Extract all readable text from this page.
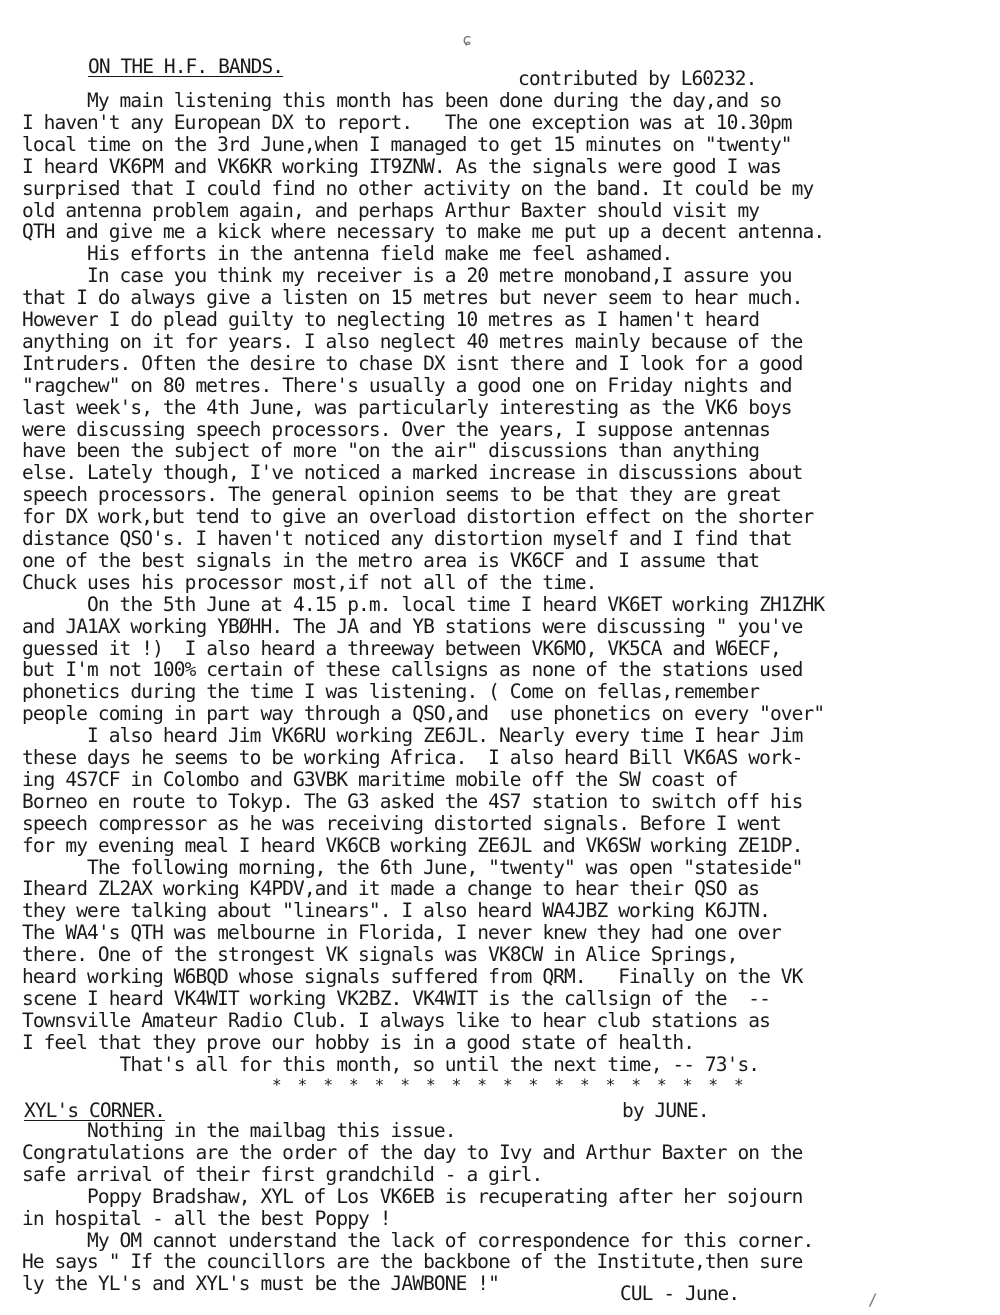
ON THE H.F. BANDS.
contributed by L60232.
My main listening this month has been done during the day,and so
I haven't any European DX to report.   The one exception was at 10.30pm
local time on the 3rd June,when I managed to get 15 minutes on "twenty"
I heard VK6PM and VK6KR working IT9ZNW. As the signals were good I was
surprised that I could find no other activity on the band. It could be my
old antenna problem again, and perhaps Arthur Baxter should visit my
QTH and give me a kick where necessary to make me put up a decent antenna.
His efforts in the antenna field make me feel ashamed.
In case you think my receiver is a 20 metre monoband,I assure you
that I do always give a listen on 15 metres but never seem to hear much.
However I do plead guilty to neglecting 10 metres as I hamen't heard
anything on it for years. I also neglect 40 metres mainly because of the
Intruders. Often the desire to chase DX isnt there and I look for a good
"ragchew" on 80 metres. There's usually a good one on Friday nights and
last week's, the 4th June, was particularly interesting as the VK6 boys
were discussing speech processors. Over the years, I suppose antennas
have been the subject of more "on the air" discussions than anything
else. Lately though, I've noticed a marked increase in discussions about
speech processors. The general opinion seems to be that they are great
for DX work,but tend to give an overload distortion effect on the shorter
distance QSO's. I haven't noticed any distortion myself and I find that
one of the best signals in the metro area is VK6CF and I assume that
Chuck uses his processor most,if not all of the time.
On the 5th June at 4.15 p.m. local time I heard VK6ET working ZH1ZHK
and JA1AX working YBØHH. The JA and YB stations were discussing " you've
guessed it !)  I also heard a threeway between VK6MO, VK5CA and W6ECF,
but I'm not 100% certain of these callsigns as none of the stations used
phonetics during the time I was listening. ( Come on fellas,remember
people coming in part way through a QSO,and  use phonetics on every "over"
I also heard Jim VK6RU working ZE6JL. Nearly every time I hear Jim
these days he seems to be working Africa.  I also heard Bill VK6AS work-
ing 4S7CF in Colombo and G3VBK maritime mobile off the SW coast of
Borneo en route to Tokyp. The G3 asked the 4S7 station to switch off his
speech compressor as he was receiving distorted signals. Before I went
for my evening meal I heard VK6CB working ZE6JL and VK6SW working ZE1DP.
The following morning, the 6th June, "twenty" was open "stateside"
Iheard ZL2AX working K4PDV,and it made a change to hear their QSO as
they were talking about "linears". I also heard WA4JBZ working K6JTN.
The WA4's QTH was melbourne in Florida, I never knew they had one over
there. One of the strongest VK signals was VK8CW in Alice Springs,
heard working W6BQD whose signals suffered from QRM.   Finally on the VK
scene I heard VK4WIT working VK2BZ. VK4WIT is the callsign of the  --
Townsville Amateur Radio Club. I always like to hear club stations as
I feel that they prove our hobby is in a good state of health.
That's all for this month, so until the next time, -- 73's.
* * * * * * * * * * * * * * * * * * *
XYL's CORNER.	by JUNE.
Nothing in the mailbag this issue.
Congratulations are the order of the day to Ivy and Arthur Baxter on the
safe arrival of their first grandchild - a girl.
Poppy Bradshaw, XYL of Los VK6EB is recuperating after her sojourn
in hospital - all the best Poppy !
My OM cannot understand the lack of correspondence for this corner.
He says " If the councillors are the backbone of the Institute,then sure
ly the YL's and XYL's must be the JAWBONE !"	CUL - June.
ɕ
/
